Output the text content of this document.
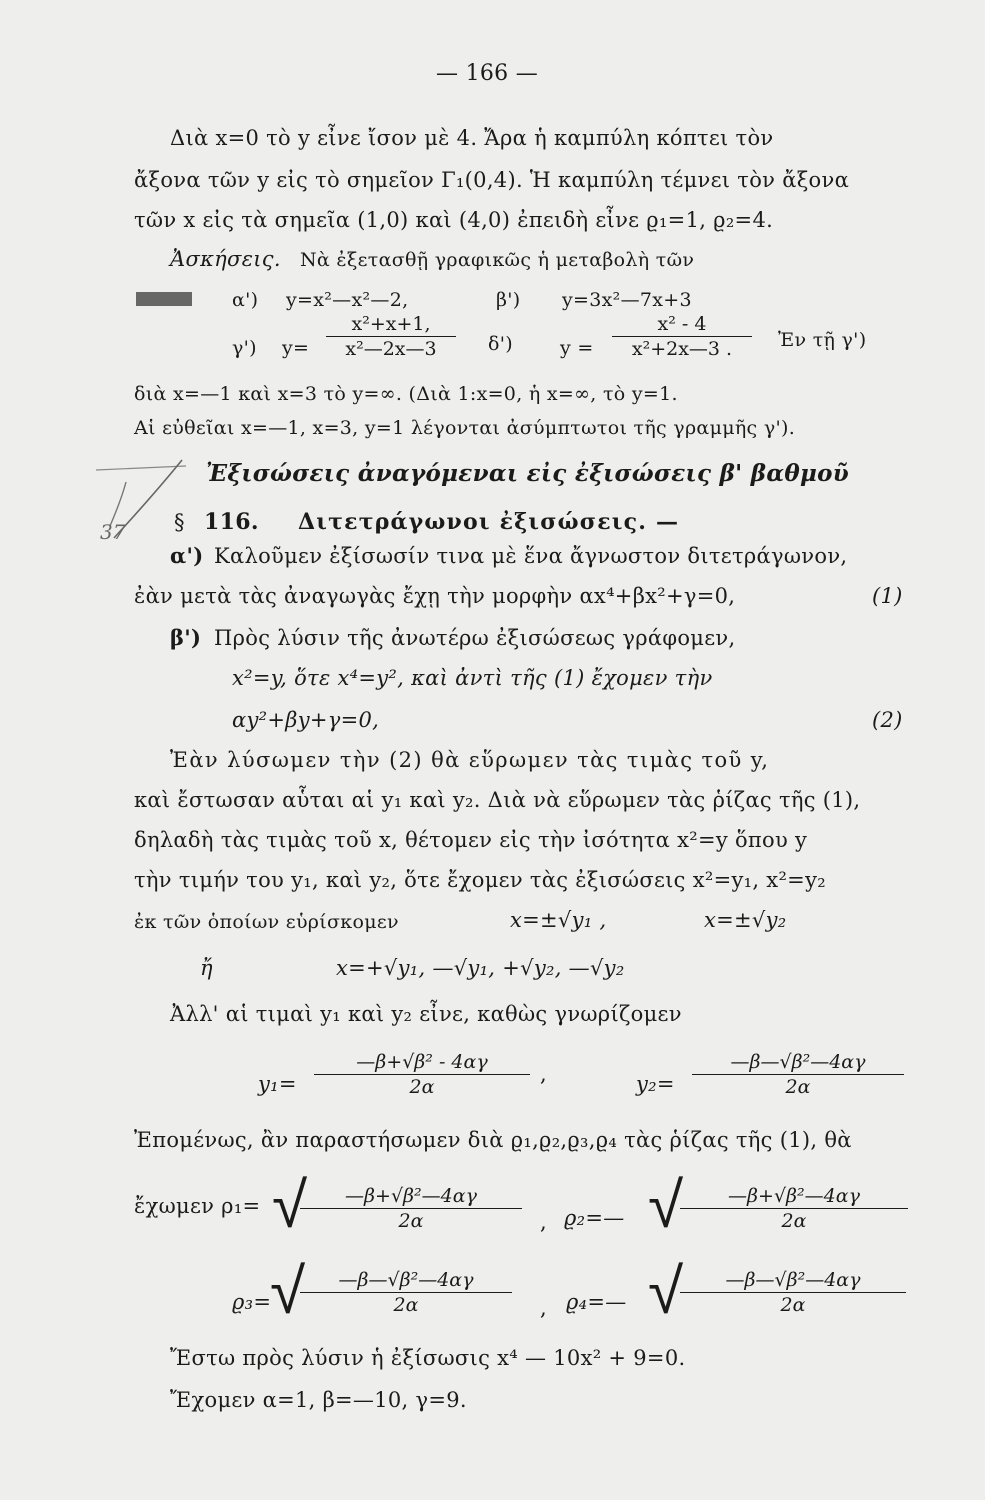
— 166 —
Διὰ x=0 τὸ y εἶνε ἴσον μὲ 4. Ἄρα ἡ καμπύλη κόπτει τὸν
ἄξονα τῶν y εἰς τὸ σημεῖον Γ₁(0,4). Ἡ καμπύλη τέμνει τὸν ἄξονα
τῶν x εἰς τὰ σημεῖα (1,0) καὶ (4,0) ἐπειδὴ εἶνε ϱ₁=1, ϱ₂=4.
Ἀσκήσεις. Νὰ ἐξετασθῇ γραφικῶς ἡ μεταβολὴ τῶν
α') y=x²—x²—2,	β') y=3x²—7x+3
γ') $y= \frac{\text{x²+x+1,}}{\text{x²—2x—3}} \delta'$) $y = \frac{\text{x² - 4}}{\text{x²+2x—3 .}}$ Ἐν τῇ γ')
διὰ x=—1 καὶ x=3 τὸ y=∞. (Διὰ 1:x=0, ἡ x=∞, τὸ y=1.
Αἱ εὐθεῖαι x=—1, x=3, y=1 λέγονται ἀσύμπτωτοι τῆς γραμμῆς γ').
37
Ἐξισώσεις ἀναγόμεναι εἰς ἐξισώσεις β' βαθμοῦ
§ 116. Διτετράγωνοι ἐξισώσεις. —
α') Καλοῦμεν ἐξίσωσίν τινα μὲ ἕνα ἄγνωστον διτετράγωνον,
ἐὰν μετὰ τὰς ἀναγωγὰς ἔχῃ τὴν μορφὴν αx⁴+βx²+γ=0,	(1)
β') Πρὸς λύσιν τῆς ἀνωτέρω ἐξισώσεως γράφομεν,
x²=y, ὅτε x⁴=y², καὶ ἀντὶ τῆς (1) ἔχομεν τὴν
αy²+βy+γ=0,	(2)
Ἐὰν λύσωμεν τὴν (2) θὰ εὕρωμεν τὰς τιμὰς τοῦ y,
καὶ ἔστωσαν αὗται αἱ y₁ καὶ y₂. Διὰ νὰ εὕρωμεν τὰς ῥίζας τῆς (1),
δηλαδὴ τὰς τιμὰς τοῦ x, θέτομεν εἰς τὴν ἰσότητα x²=y ὅπου y
τὴν τιμήν του y₁, καὶ y₂, ὅτε ἔχομεν τὰς ἐξισώσεις x²=y₁, x²=y₂
ἐκ τῶν ὁποίων εὑρίσκομεν	x=±√y₁ ,	x=±√y₂
ἤ	x=+√y₁, —√y₁, +√y₂, —√y₂
Ἀλλ' αἱ τιμαὶ y₁ καὶ y₂ εἶνε, καθὼς γνωρίζομεν
$y_1= \frac{\text{—β+√β² - 4αγ}}{2\alpha}$ ,	$y_2= \frac{\text{—β—√β²—4αγ}}{2\alpha}$
Ἐπομένως, ἂν παραστήσωμεν διὰ ϱ₁,ϱ₂,ϱ₃,ϱ₄ τὰς ῥίζας τῆς (1), θὰ
ἔχωμεν ρ₁= √
$\frac{\text{—β+√β²—4αγ}}{2\alpha}$ , ϱ₂=— √
$\frac{\text{—β+√β²—4αγ}}{2\alpha}$
ϱ₃=
√
$\frac{\text{—β—√β²—4αγ}}{2\alpha}$ , ϱ₄=— √
$\frac{\text{—β—√β²—4αγ}}{2\alpha}$
Ἔστω πρὸς λύσιν ἡ ἐξίσωσις x⁴ — 10x² + 9=0.
Ἔχομεν α=1, β=—10, γ=9.
